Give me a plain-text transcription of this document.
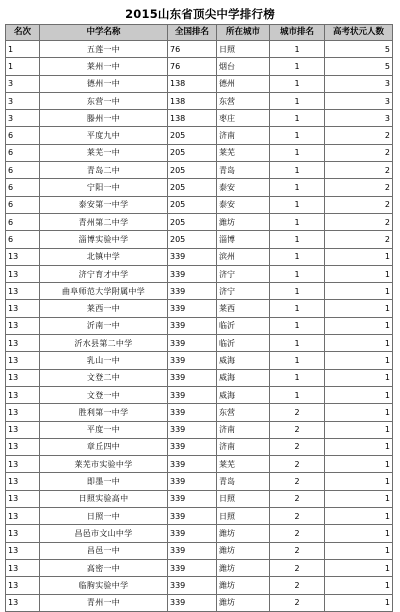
2015山东省顶尖中学排行榜
名次	中学名称	全国排名	所在城市	城市排名	高考状元人数
1	五莲一中	76	日照	1	5
1	莱州一中	76	烟台	1	5
3	德州一中	138	德州	1	3
3	东营一中	138	东营	1	3
3	滕州一中	138	枣庄	1	3
6	平度九中	205	济南	1	2
6	莱芜一中	205	莱芜	1	2
6	青岛二中	205	青岛	1	2
6	宁阳一中	205	泰安	1	2
6	泰安第一中学	205	泰安	1	2
6	青州第二中学	205	潍坊	1	2
6	淄博实验中学	205	淄博	1	2
13	北镇中学	339	滨州	1	1
13	济宁育才中学	339	济宁	1	1
13	曲阜师范大学附属中学	339	济宁	1	1
13	莱西一中	339	莱西	1	1
13	沂南一中	339	临沂	1	1
13	沂水县第二中学	339	临沂	1	1
13	乳山一中	339	威海	1	1
13	文登二中	339	威海	1	1
13	文登一中	339	威海	1	1
13	胜利第一中学	339	东营	2	1
13	平度一中	339	济南	2	1
13	章丘四中	339	济南	2	1
13	莱芜市实验中学	339	莱芜	2	1
13	即墨一中	339	青岛	2	1
13	日照实验高中	339	日照	2	1
13	日照一中	339	日照	2	1
13	昌邑市文山中学	339	潍坊	2	1
13	昌邑一中	339	潍坊	2	1
13	高密一中	339	潍坊	2	1
13	临朐实验中学	339	潍坊	2	1
13	青州一中	339	潍坊	2	1
